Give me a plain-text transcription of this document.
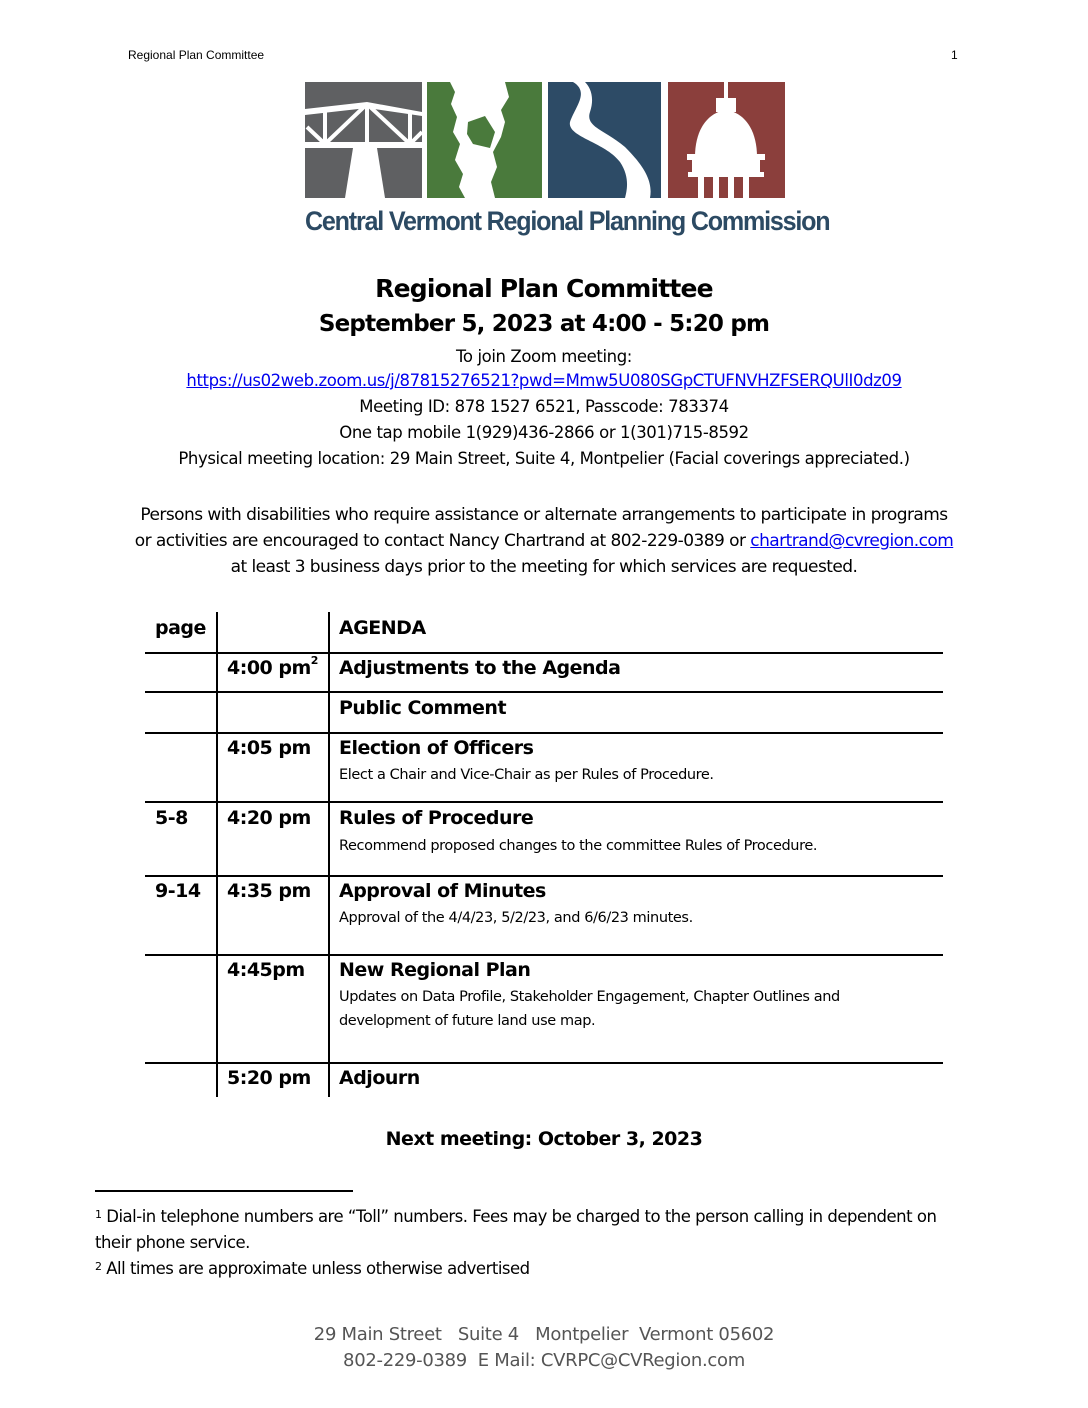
Regional Plan Committee	1
Central Vermont Regional Planning Commission
Regional Plan Committee
September 5, 2023 at 4:00 - 5:20 pm
To join Zoom meeting:
https://us02web.zoom.us/j/87815276521?pwd=Mmw5U080SGpCTUFNVHZFSERQUlI0dz09
Meeting ID: 878 1527 6521, Passcode: 783374
One tap mobile 1(929)436-2866 or 1(301)715-8592
Physical meeting location: 29 Main Street, Suite 4, Montpelier (Facial coverings appreciated.)
Persons with disabilities who require assistance or alternate arrangements to participate in programs
or activities are encouraged to contact Nancy Chartrand at 802-229-0389 or chartrand@cvregion.com
at least 3 business days prior to the meeting for which services are requested.
page	AGENDA
4:00 $pm^2$ Adjustments to the Agenda
Public Comment
4:05 pm Election of Officers
Elect a Chair and Vice-Chair as per Rules of Procedure.
5-8 4:20 pm Rules of Procedure
Recommend proposed changes to the committee Rules of Procedure.
9-14 4:35 pm Approval of Minutes
Approval of the 4/4/23, 5/2/23, and 6/6/23 minutes.
4:45pm New Regional Plan
Updates on Data Profile, Stakeholder Engagement, Chapter Outlines and development of future land use map.
5:20 pm Adjourn
Next meeting: October 3, 2023
$^1$ Dial-in telephone numbers are “Toll” numbers. Fees may be charged to the person calling in dependent on their phone service.
$^2$ All times are approximate unless otherwise advertised
29 Main Street   Suite 4   Montpelier  Vermont 05602
802-229-0389  E Mail: CVRPC@CVRegion.com
